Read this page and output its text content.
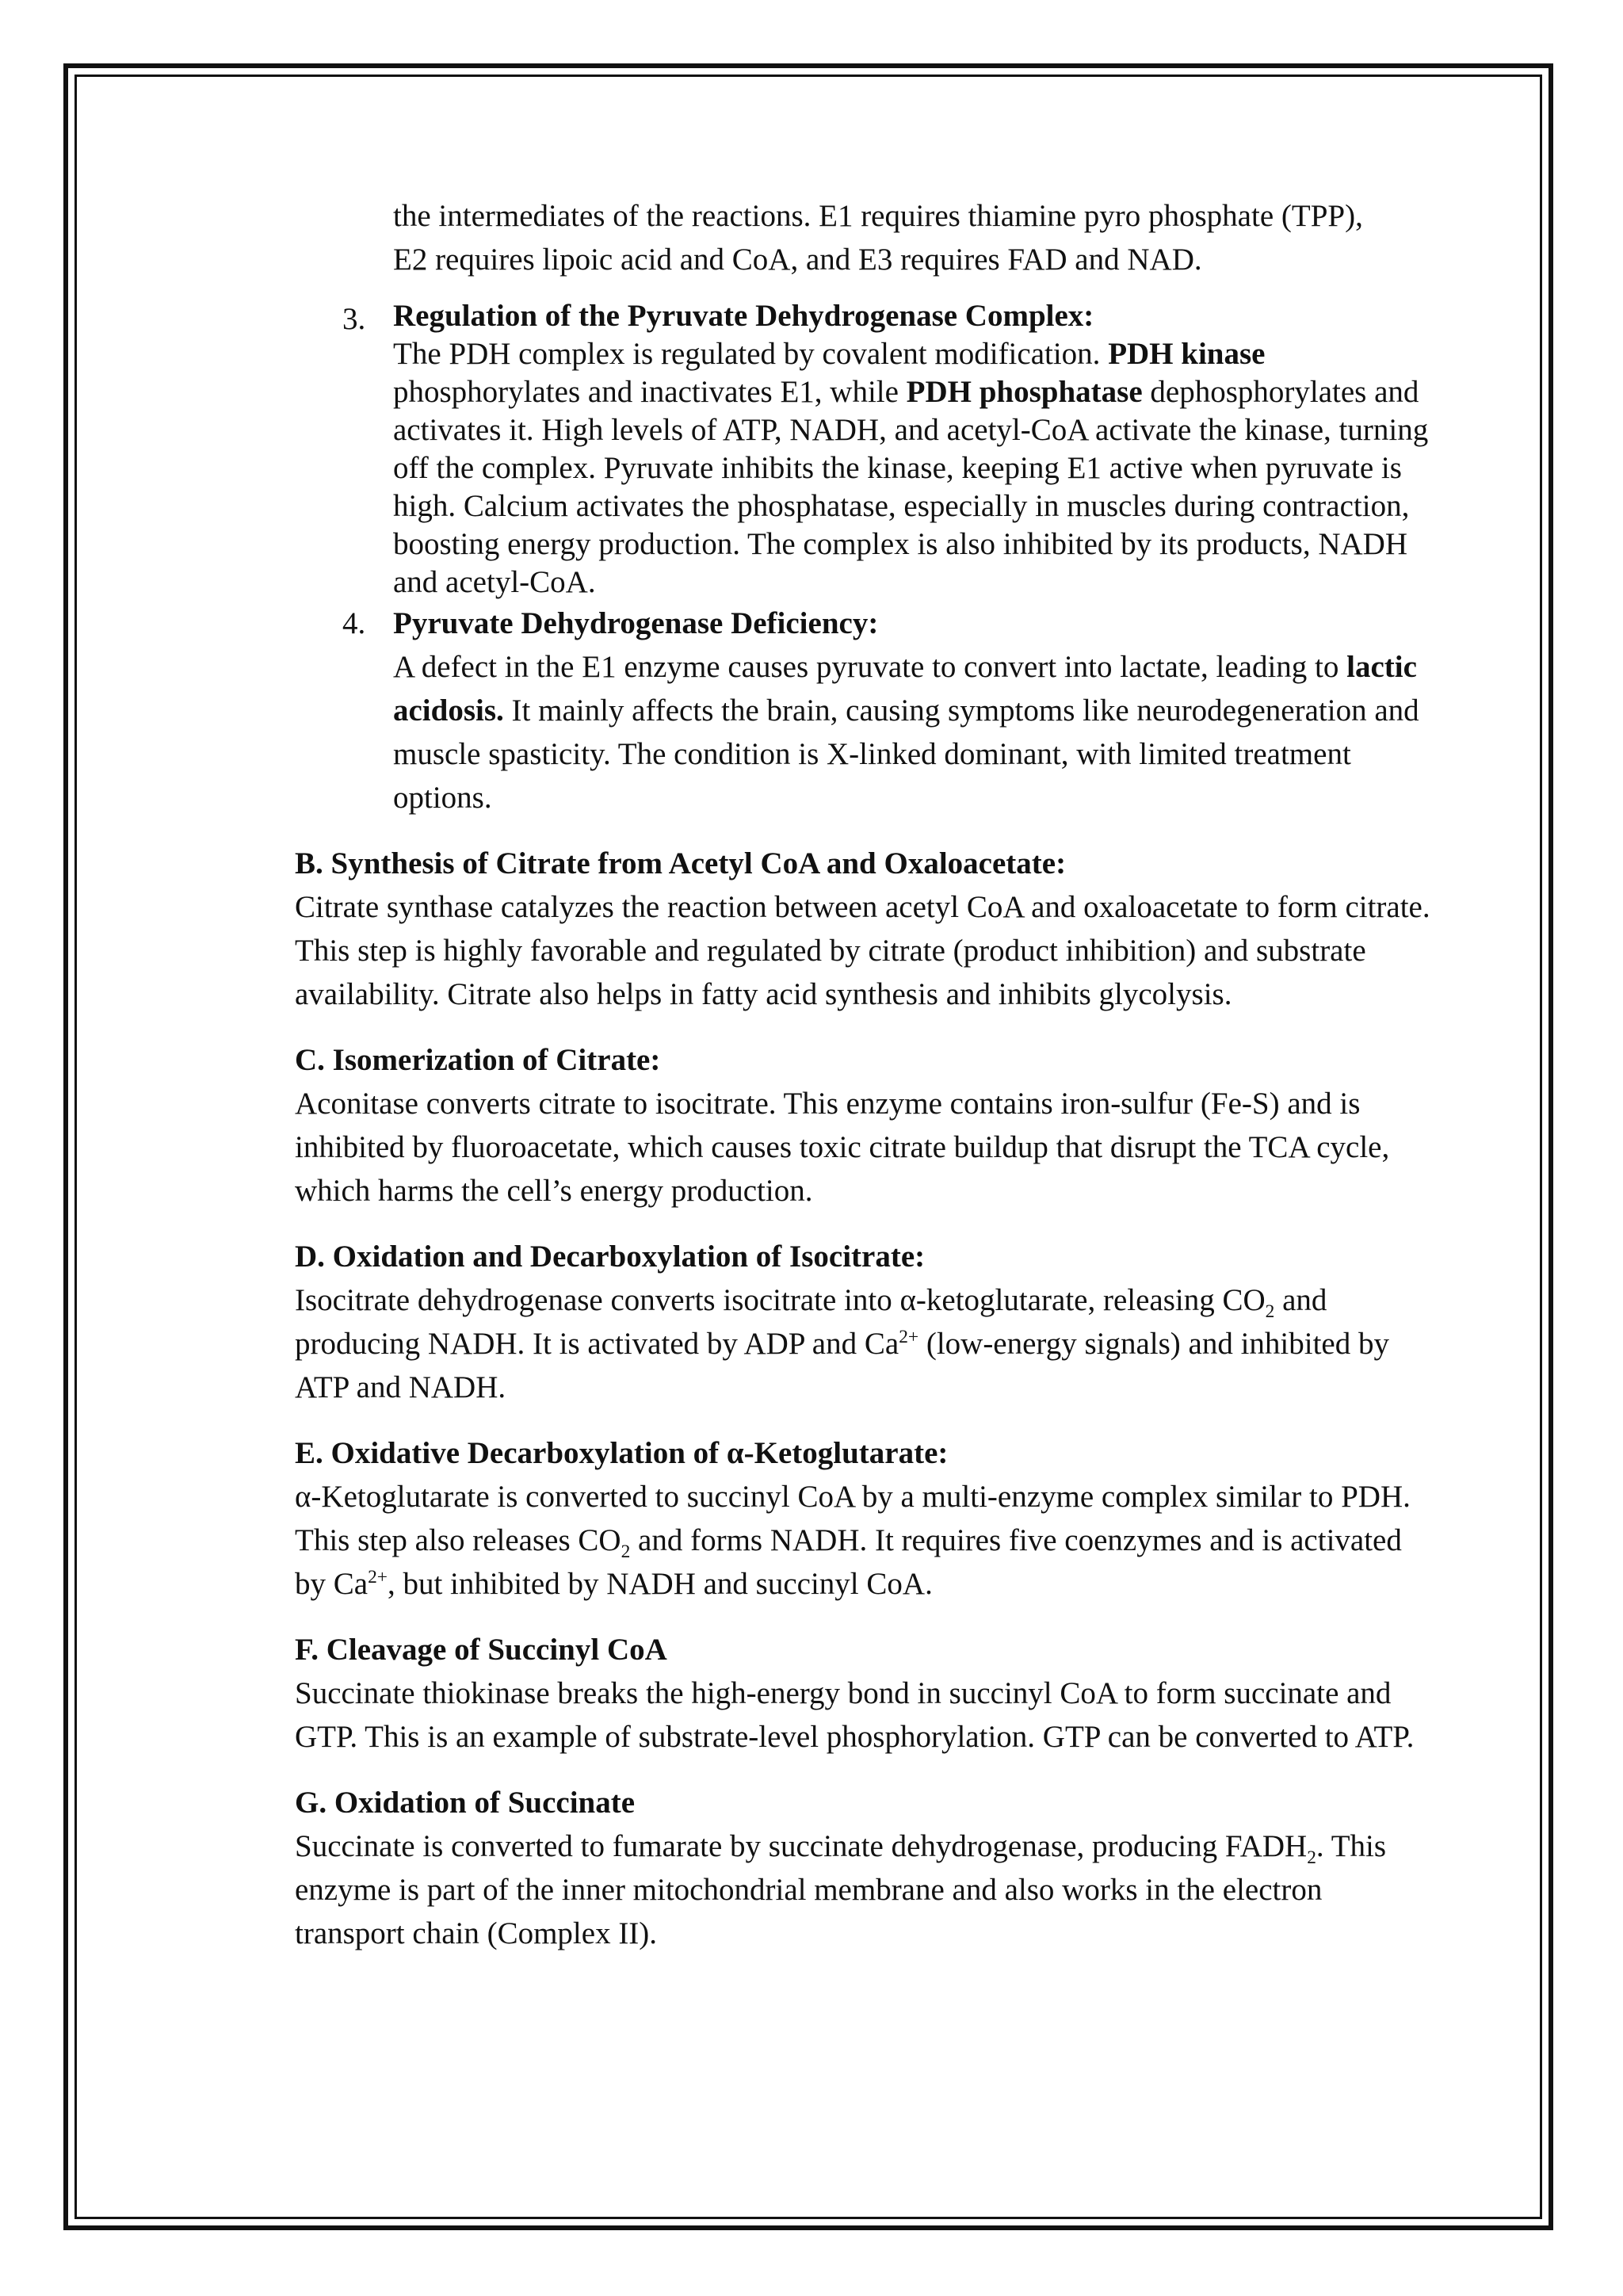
the intermediates of the reactions. E1 requires thiamine pyro phosphate (TPP),

E2 requires lipoic acid and CoA, and E3 requires FAD and NAD.

3. Regulation of the Pyruvate Dehydrogenase Complex:

The PDH complex is regulated by covalent modification. PDH kinase phosphorylates and inactivates E1, while PDH phosphatase dephosphorylates and activates it. High levels of ATP, NADH, and acetyl-CoA activate the kinase, turning off the complex. Pyruvate inhibits the kinase, keeping E1 active when pyruvate is high. Calcium activates the phosphatase, especially in muscles during contraction, boosting energy production. The complex is also inhibited by its products, NADH and acetyl-CoA.

4. Pyruvate Dehydrogenase Deficiency:

A defect in the E1 enzyme causes pyruvate to convert into lactate, leading to lactic acidosis. It mainly affects the brain, causing symptoms like neurodegeneration and muscle spasticity. The condition is X-linked dominant, with limited treatment options.

B. Synthesis of Citrate from Acetyl CoA and Oxaloacetate:

Citrate synthase catalyzes the reaction between acetyl CoA and oxaloacetate to form citrate. This step is highly favorable and regulated by citrate (product inhibition) and substrate availability. Citrate also helps in fatty acid synthesis and inhibits glycolysis.

C. Isomerization of Citrate:

Aconitase converts citrate to isocitrate. This enzyme contains iron-sulfur (Fe-S) and is inhibited by fluoroacetate, which causes toxic citrate buildup that disrupt the TCA cycle, which harms the cell’s energy production.

D. Oxidation and Decarboxylation of Isocitrate:

Isocitrate dehydrogenase converts isocitrate into α-ketoglutarate, releasing $CO_2$ and producing NADH. It is activated by ADP and $Ca^{2+}$ (low-energy signals) and inhibited by ATP and NADH.

E. Oxidative Decarboxylation of α-Ketoglutarate:

α-Ketoglutarate is converted to succinyl CoA by a multi-enzyme complex similar to PDH. This step also releases $CO_2$ and forms NADH. It requires five coenzymes and is activated by $Ca^{2+}$, but inhibited by NADH and succinyl CoA.

F. Cleavage of Succinyl CoA

Succinate thiokinase breaks the high-energy bond in succinyl CoA to form succinate and GTP. This is an example of substrate-level phosphorylation. GTP can be converted to ATP.

G. Oxidation of Succinate

Succinate is converted to fumarate by succinate dehydrogenase, producing $FADH_2$. This enzyme is part of the inner mitochondrial membrane and also works in the electron transport chain (Complex II).
